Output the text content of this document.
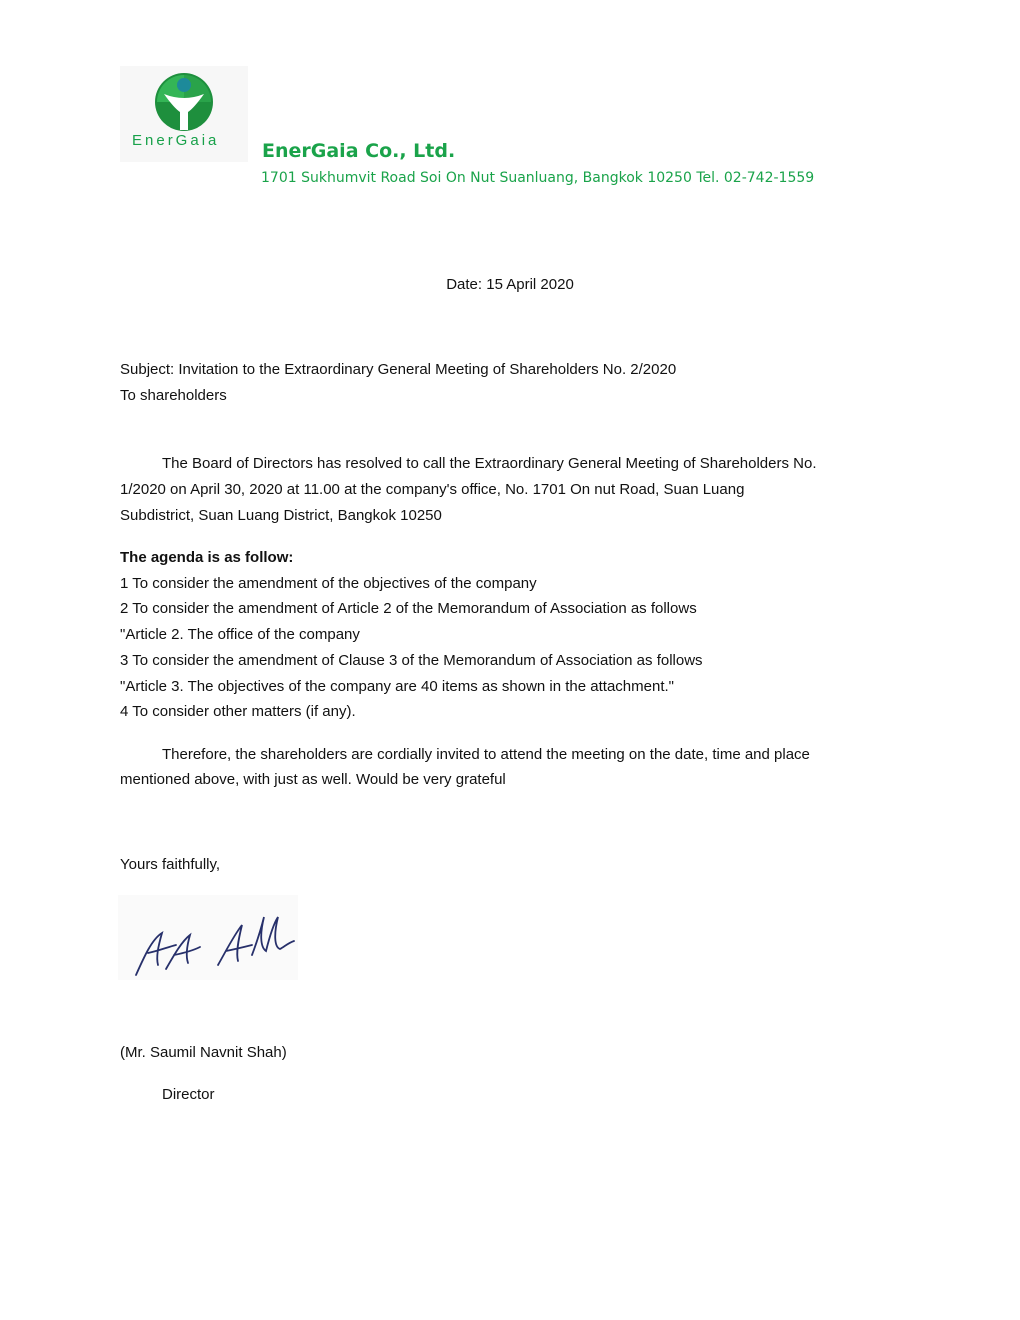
EnerGaia EnerGaia Co., Ltd.
1701 Sukhumvit Road Soi On Nut Suanluang, Bangkok 10250 Tel. 02-742-1559
Date: 15 April 2020
Subject: Invitation to the Extraordinary General Meeting of Shareholders No. 2/2020
To shareholders
The Board of Directors has resolved to call the Extraordinary General Meeting of Shareholders No.
1/2020 on April 30, 2020 at 11.00 at the company's office, No. 1701 On nut Road, Suan Luang
Subdistrict, Suan Luang District, Bangkok 10250
The agenda is as follow:
1 To consider the amendment of the objectives of the company
2 To consider the amendment of Article 2 of the Memorandum of Association as follows
"Article 2. The office of the company
3 To consider the amendment of Clause 3 of the Memorandum of Association as follows
"Article 3. The objectives of the company are 40 items as shown in the attachment."
4 To consider other matters (if any).
Therefore, the shareholders are cordially invited to attend the meeting on the date, time and place
mentioned above, with just as well. Would be very grateful
Yours faithfully,
(Mr. Saumil Navnit Shah)
Director
